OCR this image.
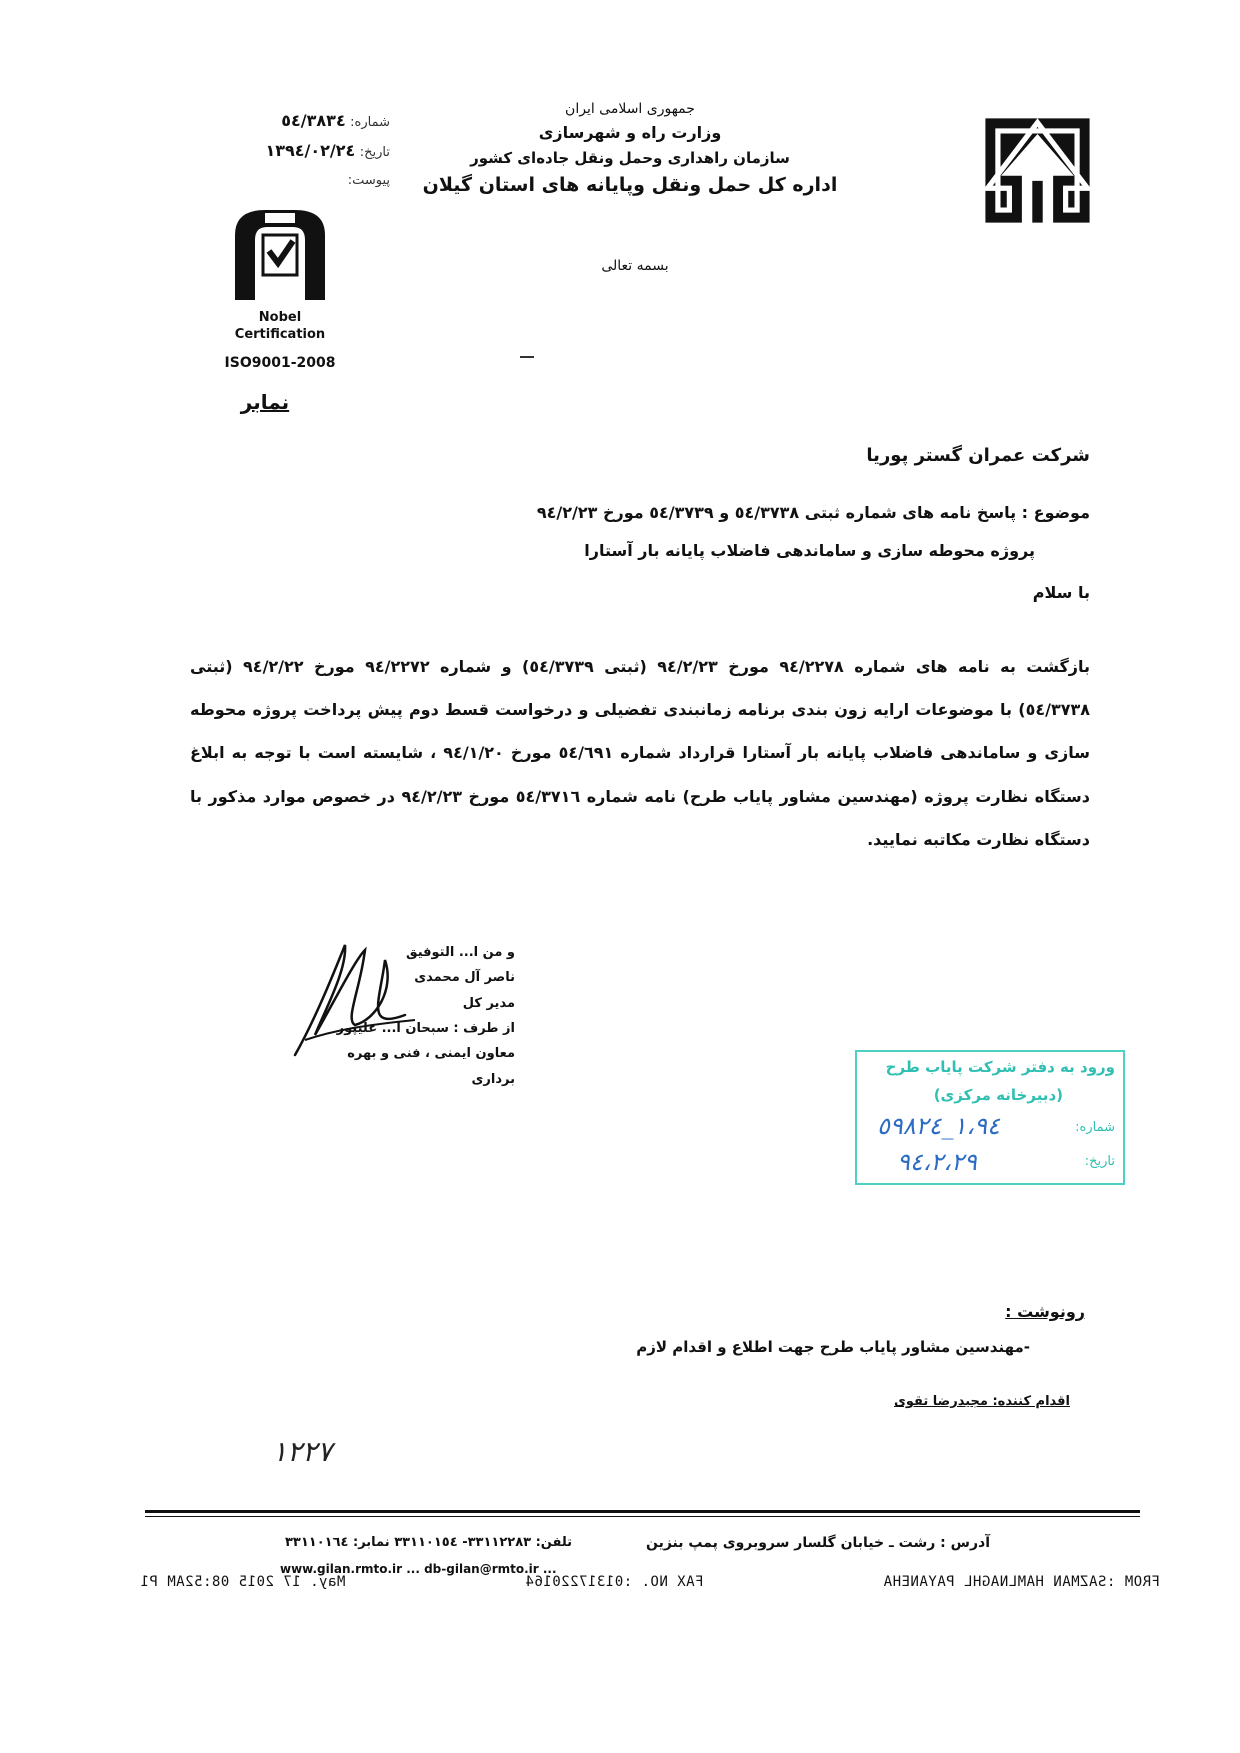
جمهوری اسلامی ایران
وزارت راه و شهرسازی
سازمان راهداری وحمل ونقل جاده‌ای کشور
اداره کل حمل ونقل وپایانه های استان گیلان
بسمه تعالی
شماره: ٥٤/٣٨٣٤
تاریخ: ١٣٩٤/٠٢/٢٤
پیوست:
Nobel
Certification
ISO9001-2008
نمابر
شرکت عمران گستر پوریا
موضوع : پاسخ نامه های شماره ثبتی ٥٤/٣٧٣٨ و ٥٤/٣٧٣٩ مورخ ٩٤/٢/٢٣
پروژه محوطه سازی و ساماندهی فاضلاب پایانه بار آستارا
با سلام
بازگشت به نامه های شماره ٩٤/٢٢٧٨ مورخ ٩٤/٢/٢٣ (ثبتی ٥٤/٣٧٣٩) و شماره ٩٤/٢٢٧٢ مورخ ٩٤/٢/٢٢ (ثبتی ٥٤/٣٧٣٨) با موضوعات ارایه زون بندی برنامه زمانبندی تفضیلی و درخواست قسط دوم پیش پرداخت پروژه محوطه سازی و ساماندهی فاضلاب پایانه بار آستارا قرارداد شماره ٥٤/٦٩١ مورخ ٩٤/١/٢٠ ، شایسته است با توجه به ابلاغ دستگاه نظارت پروژه (مهندسین مشاور پایاب طرح) نامه شماره ٥٤/٣٧١٦ مورخ ٩٤/٢/٢٣ در خصوص موارد مذکور با دستگاه نظارت مکاتبه نمایید.
و من ا... التوفیق
ناصر آل محمدی
مدیر کل
از طرف : سبحان ا... علیپور
معاون ایمنی ، فنی و بهره برداری
ورود به دفتر شرکت پایاب طرح
(دبیرخانه مرکزی)
شماره:
١،٩٤_٥٩٨٢٤
تاریخ:
٩٤،٢،٢٩
رونوشت :
-مهندسین مشاور پایاب طرح جهت اطلاع و اقدام لازم
اقدام کننده: مجیدرضا تقوی
١٢٢٧
آدرس : رشت ـ خیابان گلسار سروبروی پمپ بنزین
تلفن: ٣٣١١٢٢٨٣- ٣٣١١٠١٥٤ نمابر: ٣٣١١٠١٦٤
www.gilan.rmto.ir ... db-gilan@rmto.ir ...
FROM :SAZMAN HAMLNAGHL PAYANEHA
FAX NO. :01317220164
May. 17 2015 08:52AM P1
